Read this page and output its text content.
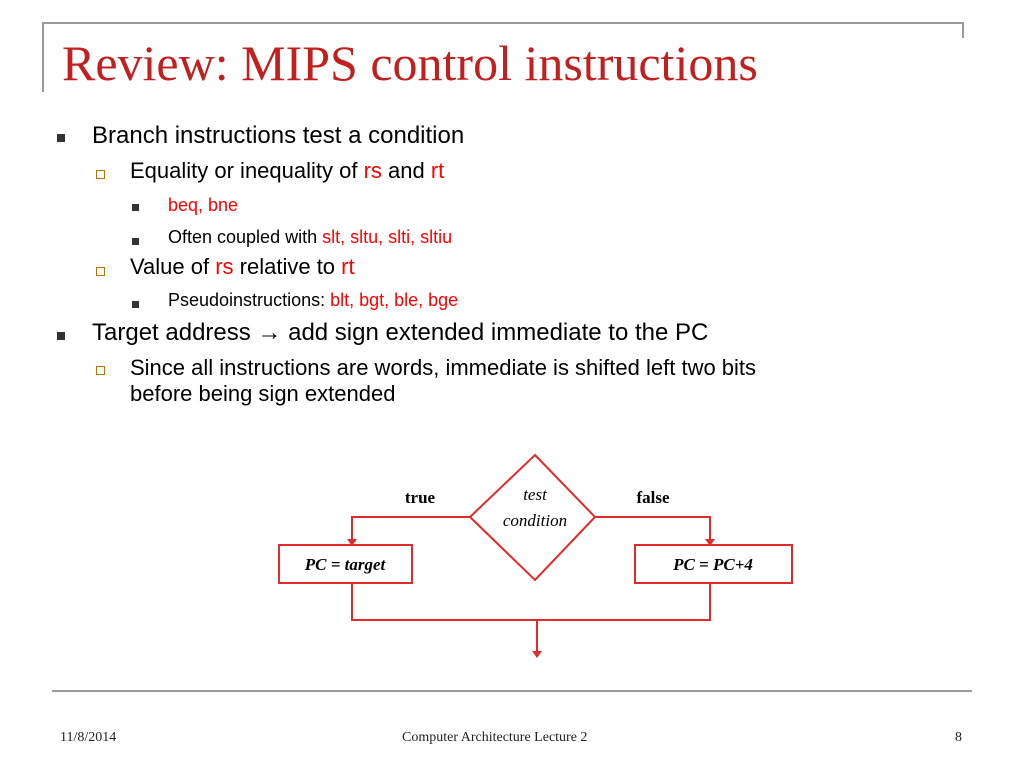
Review: MIPS control instructions
Branch instructions test a condition
Equality or inequality of rs and rt
beq, bne
Often coupled with slt, sltu, slti, sltiu
Value of rs relative to rt
Pseudoinstructions: blt, bgt, ble, bge
Target address → add sign extended immediate to the PC
Since all instructions are words, immediate is shifted left two bits
before being sign extended
test
condition
true	false
PC = target	PC = PC+4
11/8/2014	Computer Architecture Lecture 2	8
